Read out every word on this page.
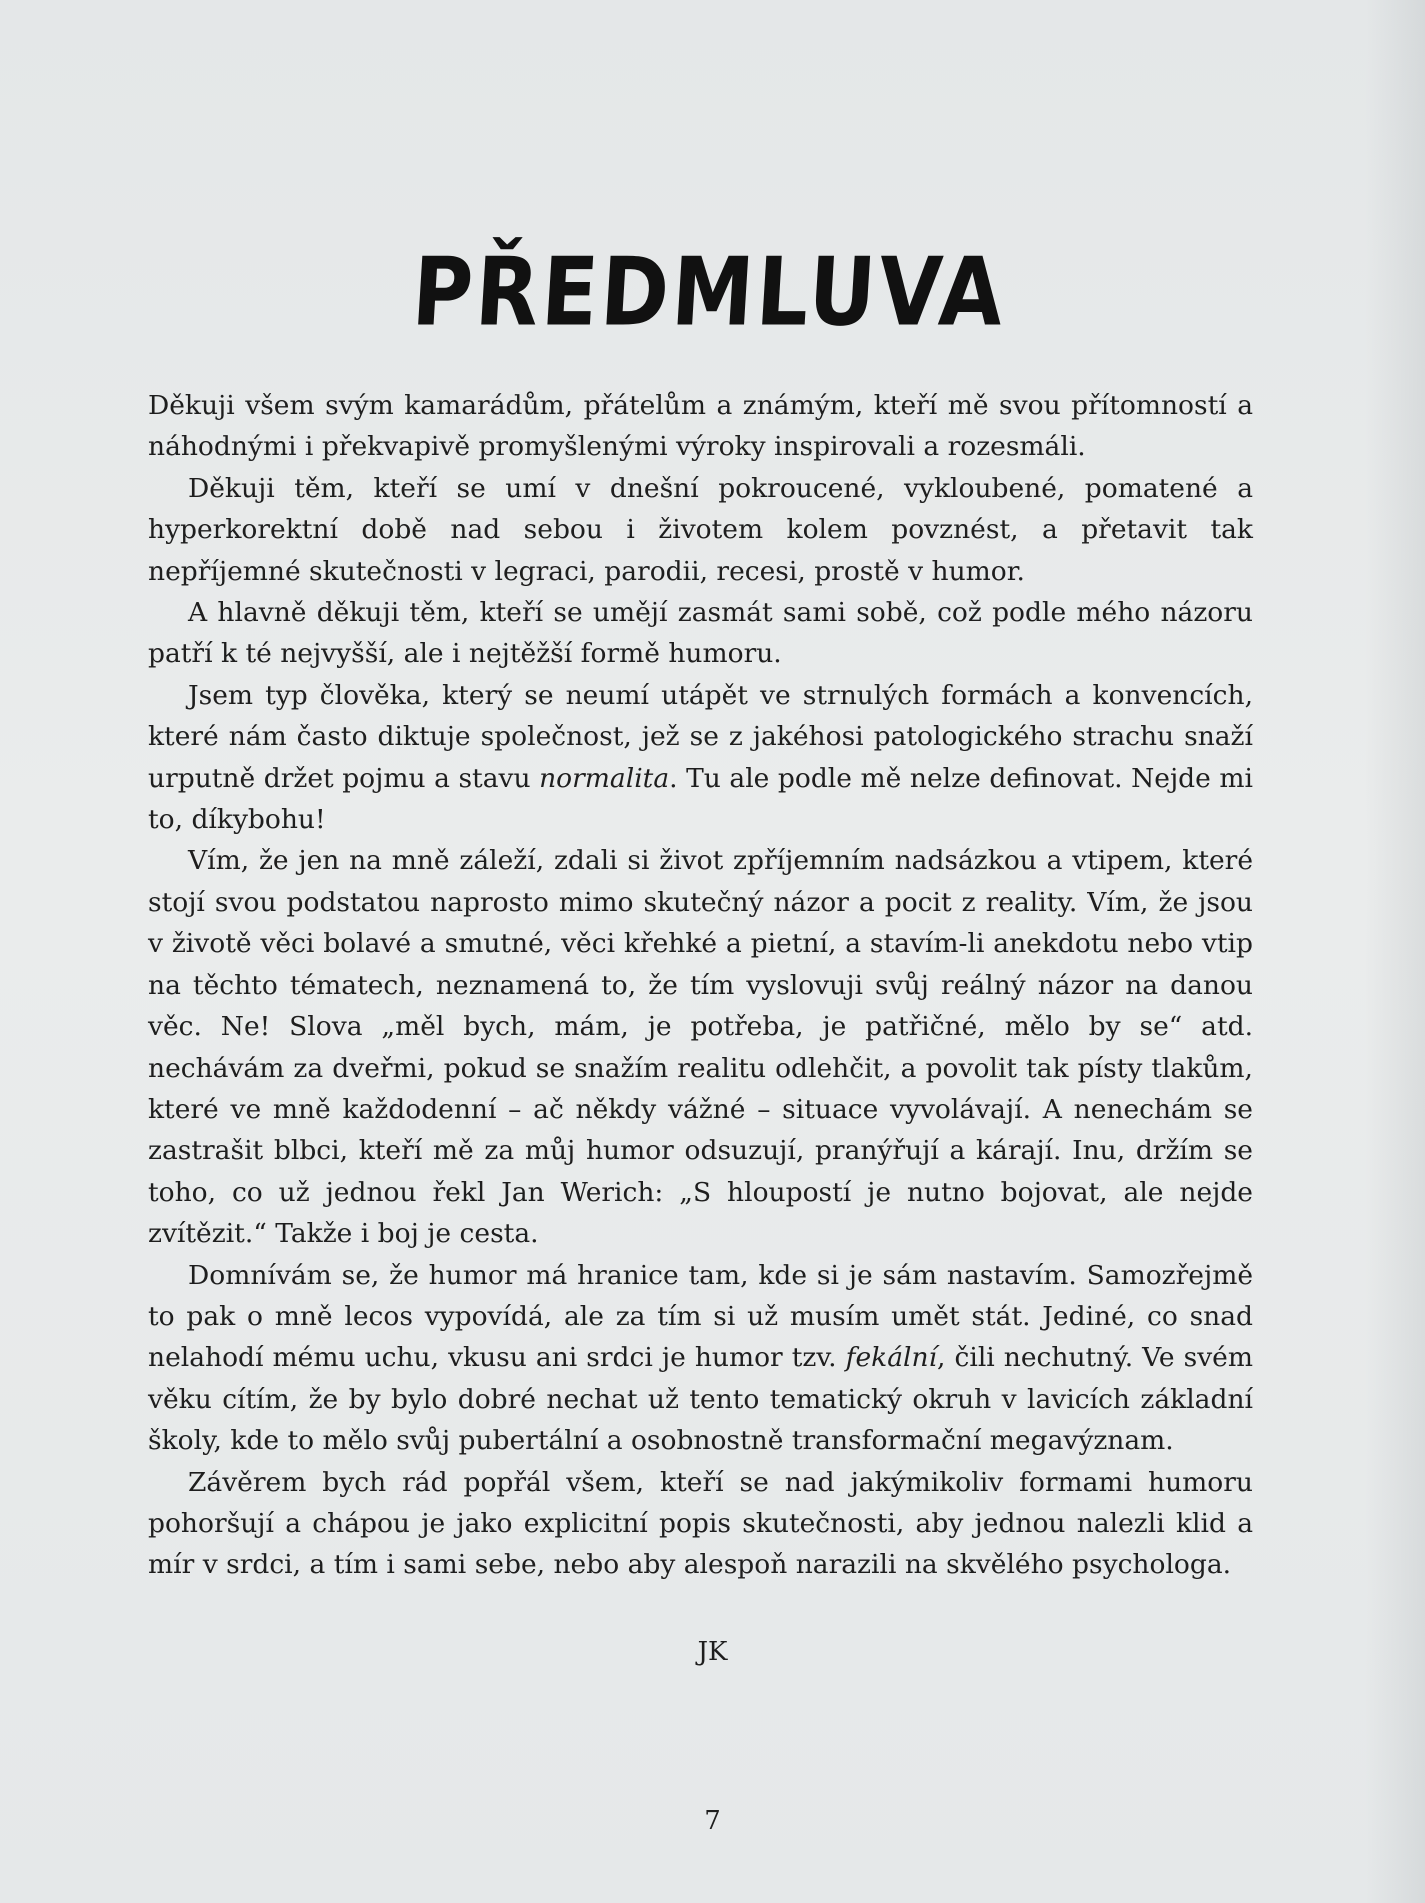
PŘEDMLUVA

Děkuji všem svým kamarádům, přátelům a známým, kteří mě svou přítomností a náhodnými i překvapivě promyšlenými výroky inspirovali a rozesmáli.

Děkuji těm, kteří se umí v dnešní pokroucené, vykloubené, pomatené a hyperkorektní době nad sebou i životem kolem povznést, a přetavit tak nepříjemné skutečnosti v legraci, parodii, recesi, prostě v humor.

A hlavně děkuji těm, kteří se umějí zasmát sami sobě, což podle mého názoru patří k té nejvyšší, ale i nejtěžší formě humoru.

Jsem typ člověka, který se neumí utápět ve strnulých formách a konvencích, které nám často diktuje společnost, jež se z jakéhosi patologického strachu snaží urputně držet pojmu a stavu normalita. Tu ale podle mě nelze definovat. Nejde mi to, díkybohu!

Vím, že jen na mně záleží, zdali si život zpříjemním nadsázkou a vtipem, které stojí svou podstatou naprosto mimo skutečný názor a pocit z reality. Vím, že jsou v životě věci bolavé a smutné, věci křehké a pietní, a stavím-li anekdotu nebo vtip na těchto tématech, neznamená to, že tím vyslovuji svůj reálný názor na danou věc. Ne! Slova „měl bych, mám, je potřeba, je patřičné, mělo by se“ atd. nechávám za dveřmi, pokud se snažím realitu odlehčit, a povolit tak písty tlakům, které ve mně každodenní – ač někdy vážné – situace vyvolávají. A nenechám se zastrašit blbci, kteří mě za můj humor odsuzují, pranýřují a kárají. Inu, držím se toho, co už jednou řekl Jan Werich: „S hloupostí je nutno bojovat, ale nejde zvítězit.“ Takže i boj je cesta.

Domnívám se, že humor má hranice tam, kde si je sám nastavím. Samozřejmě to pak o mně lecos vypovídá, ale za tím si už musím umět stát. Jediné, co snad nelahodí mému uchu, vkusu ani srdci je humor tzv. fekální, čili nechutný. Ve svém věku cítím, že by bylo dobré nechat už tento tematický okruh v lavicích základní školy, kde to mělo svůj pubertální a osobnostně transformační megavýznam.

Závěrem bych rád popřál všem, kteří se nad jakýmikoliv formami humoru pohoršují a chápou je jako explicitní popis skutečnosti, aby jednou nalezli klid a mír v srdci, a tím i sami sebe, nebo aby alespoň narazili na skvělého psychologa.

JK
7
